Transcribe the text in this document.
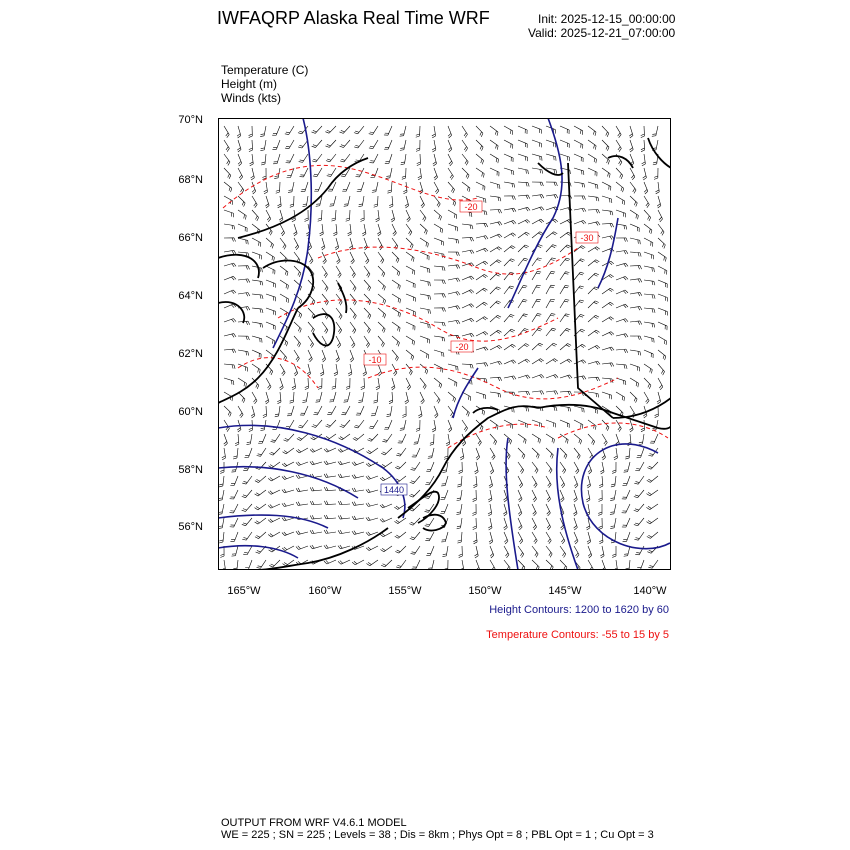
IWFAQRP Alaska Real Time WRF	Init: 2025-12-15_00:00:00
Valid: 2025-12-21_07:00:00
Temperature (C)
Height (m)
Winds (kts)
70°N
68°N
66°N
64°N
62°N
60°N
58°N
56°N
165°W	160°W	155°W	150°W	145°W	140°W
-20
-30
-10
-20
1440
Height Contours: 1200 to 1620 by 60
Temperature Contours: -55 to 15 by 5
OUTPUT FROM WRF V4.6.1 MODEL
WE = 225 ; SN = 225 ; Levels = 38 ; Dis = 8km ; Phys Opt = 8 ; PBL Opt = 1 ; Cu Opt = 3
